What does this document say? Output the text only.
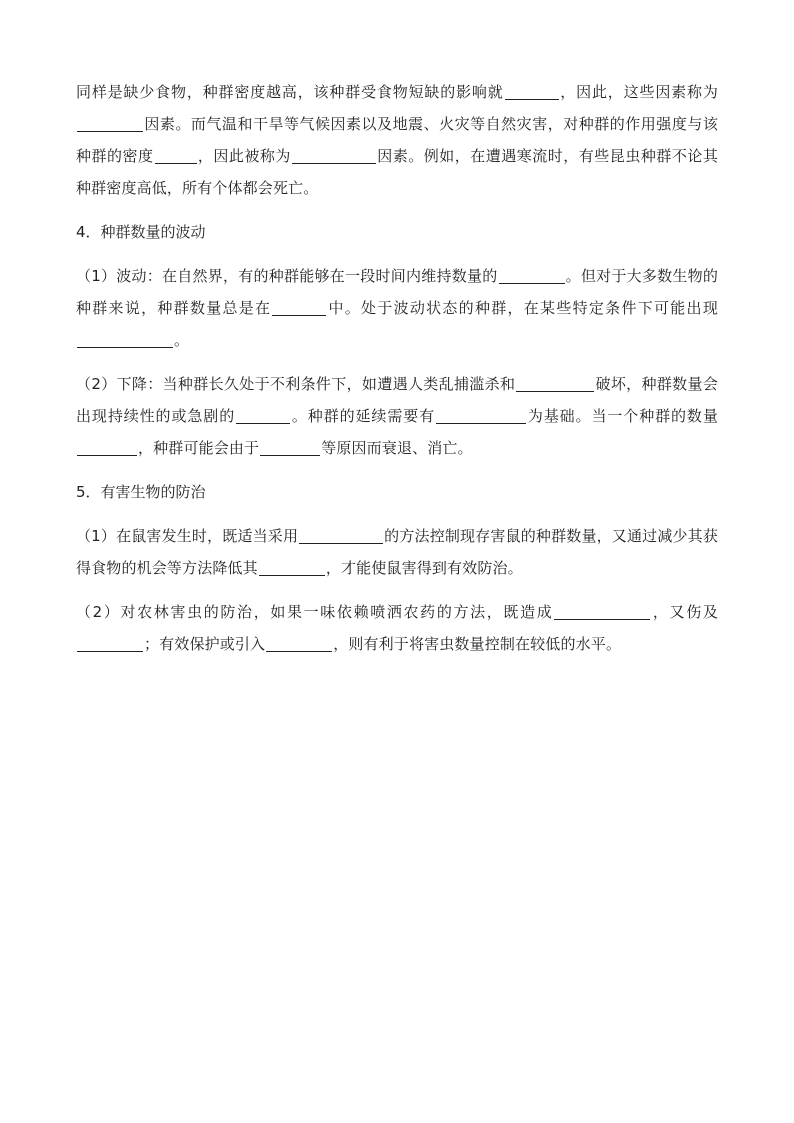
同样是缺少食物，种群密度越高，该种群受食物短缺的影响就	，因此，这些因素称为因素。而气温和干旱等气候因素以及地震、火灾等自然灾害，对种群的作用强度与该种群的密度	，因此被称为	因素。例如，在遭遇寒流时，有些昆虫种群不论其种群密度高低，所有个体都会死亡。

4．种群数量的波动

（1）波动：在自然界，有的种群能够在一段时间内维持数量的	。但对于大多数生物的种群来说，种群数量总是在	中。处于波动状态的种群，在某些特定条件下可能出现。

（2）下降：当种群长久处于不利条件下，如遭遇人类乱捕滥杀和	破坏，种群数量会出现持续性的或急剧的	。种群的延续需要有	为基础。当一个种群的数量，种群可能会由于	等原因而衰退、消亡。

5．有害生物的防治

（1）在鼠害发生时，既适当采用	的方法控制现存害鼠的种群数量，又通过减少其获得食物的机会等方法降低其	，才能使鼠害得到有效防治。

（2）对农林害虫的防治，如果一味依赖喷洒农药的方法，既造成	，又伤及；有效保护或引入	，则有利于将害虫数量控制在较低的水平。
